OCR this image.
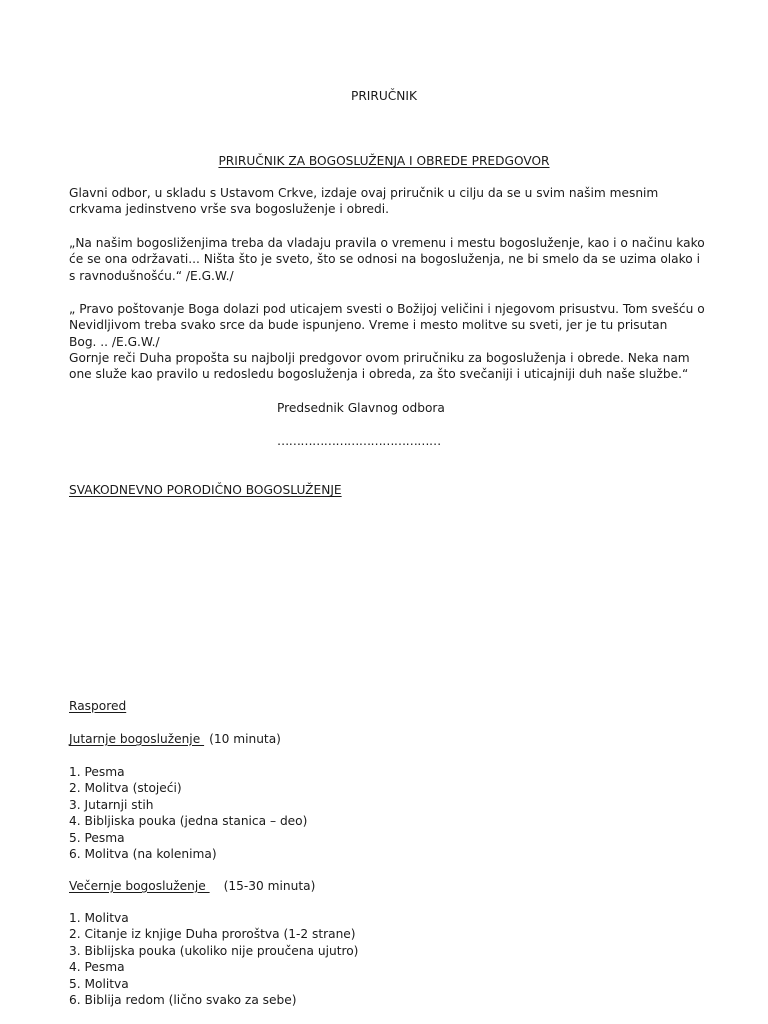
PRIRUČNIK
PRIRUČNIK ZA BOGOSLUŽENJA I OBREDE PREDGOVOR
Glavni odbor, u skladu s Ustavom Crkve, izdaje ovaj priručnik u cilju da se u svim našim mesnim
crkvama jedinstveno vrše sva bogosluženje i obredi.
„Na našim bogosliženjima treba da vladaju pravila o vremenu i mestu bogosluženje, kao i o načinu kako
će se ona održavati... Ništa što je sveto, što se odnosi na bogosluženja, ne bi smelo da se uzima olako i
s ravnodušnošću.“ /E.G.W./
„ Pravo poštovanje Boga dolazi pod uticajem svesti o Božijoj veličini i njegovom prisustvu. Tom svešću o
Nevidljivom treba svako srce da bude ispunjeno. Vreme i mesto molitve su sveti, jer je tu prisutan
Bog. .. /E.G.W./
Gornje reči Duha propošta su najbolji predgovor ovom priručniku za bogosluženja i obrede. Neka nam
one služe kao pravilo u redosledu bogosluženja i obreda, za što svečaniji i uticajniji duh naše službe.“
Predsednik Glavnog odbora
……………………………………
SVAKODNEVNO PORODIČNO BOGOSLUŽENJE
Raspored
Jutarnje bogosluženje (10 minuta)
1. Pesma
2. Molitva (stojeći)
3. Jutarnji stih
4. Bibljiska pouka (jedna stanica – deo)
5. Pesma
6. Molitva (na kolenima)
Večernje bogosluženje (15-30 minuta)
1. Molitva
2. Citanje iz knjige Duha proroštva (1-2 strane)
3. Biblijska pouka (ukoliko nije proučena ujutro)
4. Pesma
5. Molitva
6. Biblija redom (lično svako za sebe)
